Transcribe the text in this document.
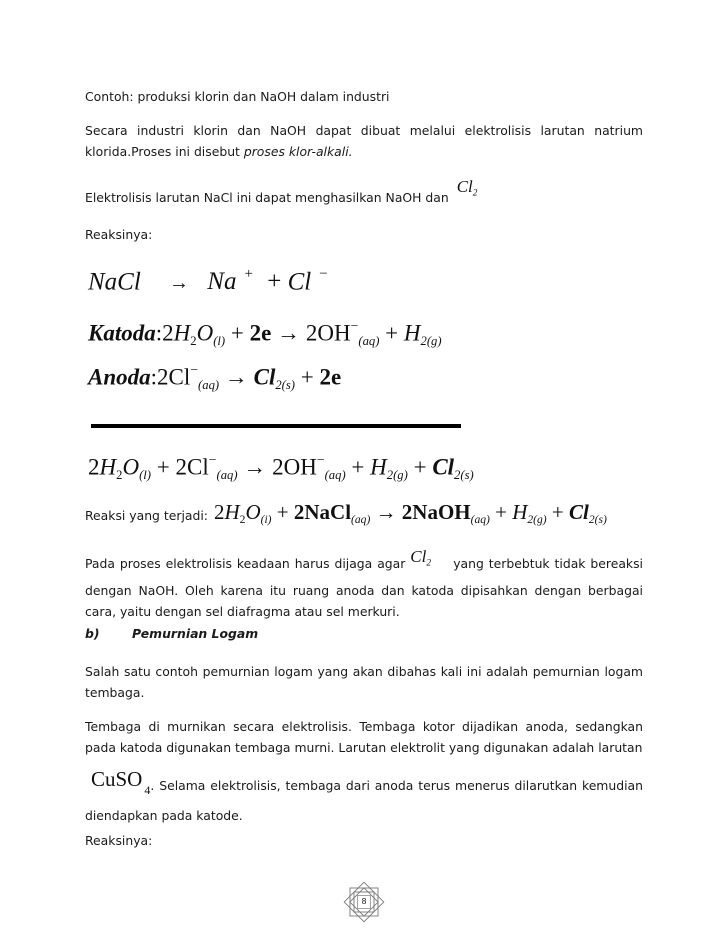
Contoh: produksi klorin dan NaOH dalam industri
Secara industri klorin dan NaOH dapat dibuat melalui elektrolisis larutan natrium klorida.Proses ini disebut proses klor-alkali.
Elektrolisis larutan NaCl ini dapat menghasilkan NaOH dan $Cl_2$
Reaksinya:
NaCl → Na + + Cl −
$Katoda:2H_2O_{(l)} + 2e \to 2OH^-_{(aq)} + H_{2(g)}$
$Anoda:2Cl^-_{(aq)} \to Cl_{2(s)} + 2e$
$2H_2O_{(l)} + 2Cl^-_{(aq)} \to 2OH^-_{(aq)} + H_{2(g)} + Cl_{2(s)}$
Reaksi yang terjadi: $2H_2O_{(i)}$ + 2NaCl$_{(aq)}$ → 2NaOH$_{(aq)}$ + $H_{2(g)} + Cl_{2(s)}$
Pada proses elektrolisis keadaan harus dijaga agar $Cl_2$ yang terbebtuk tidak bereaksi dengan NaOH. Oleh karena itu ruang anoda dan katoda dipisahkan dengan berbagai cara, yaitu dengan sel diafragma atau sel merkuri.
b)	Pemurnian Logam
Salah satu contoh pemurnian logam yang akan dibahas kali ini adalah pemurnian logam tembaga.
Tembaga di murnikan secara elektrolisis. Tembaga kotor dijadikan anoda, sedangkan pada katoda digunakan tembaga murni. Larutan elektrolit yang digunakan adalah larutan
CuSO $_4$. Selama elektrolisis, tembaga dari anoda terus menerus dilarutkan kemudian diendapkan pada katode.
Reaksinya:
8
